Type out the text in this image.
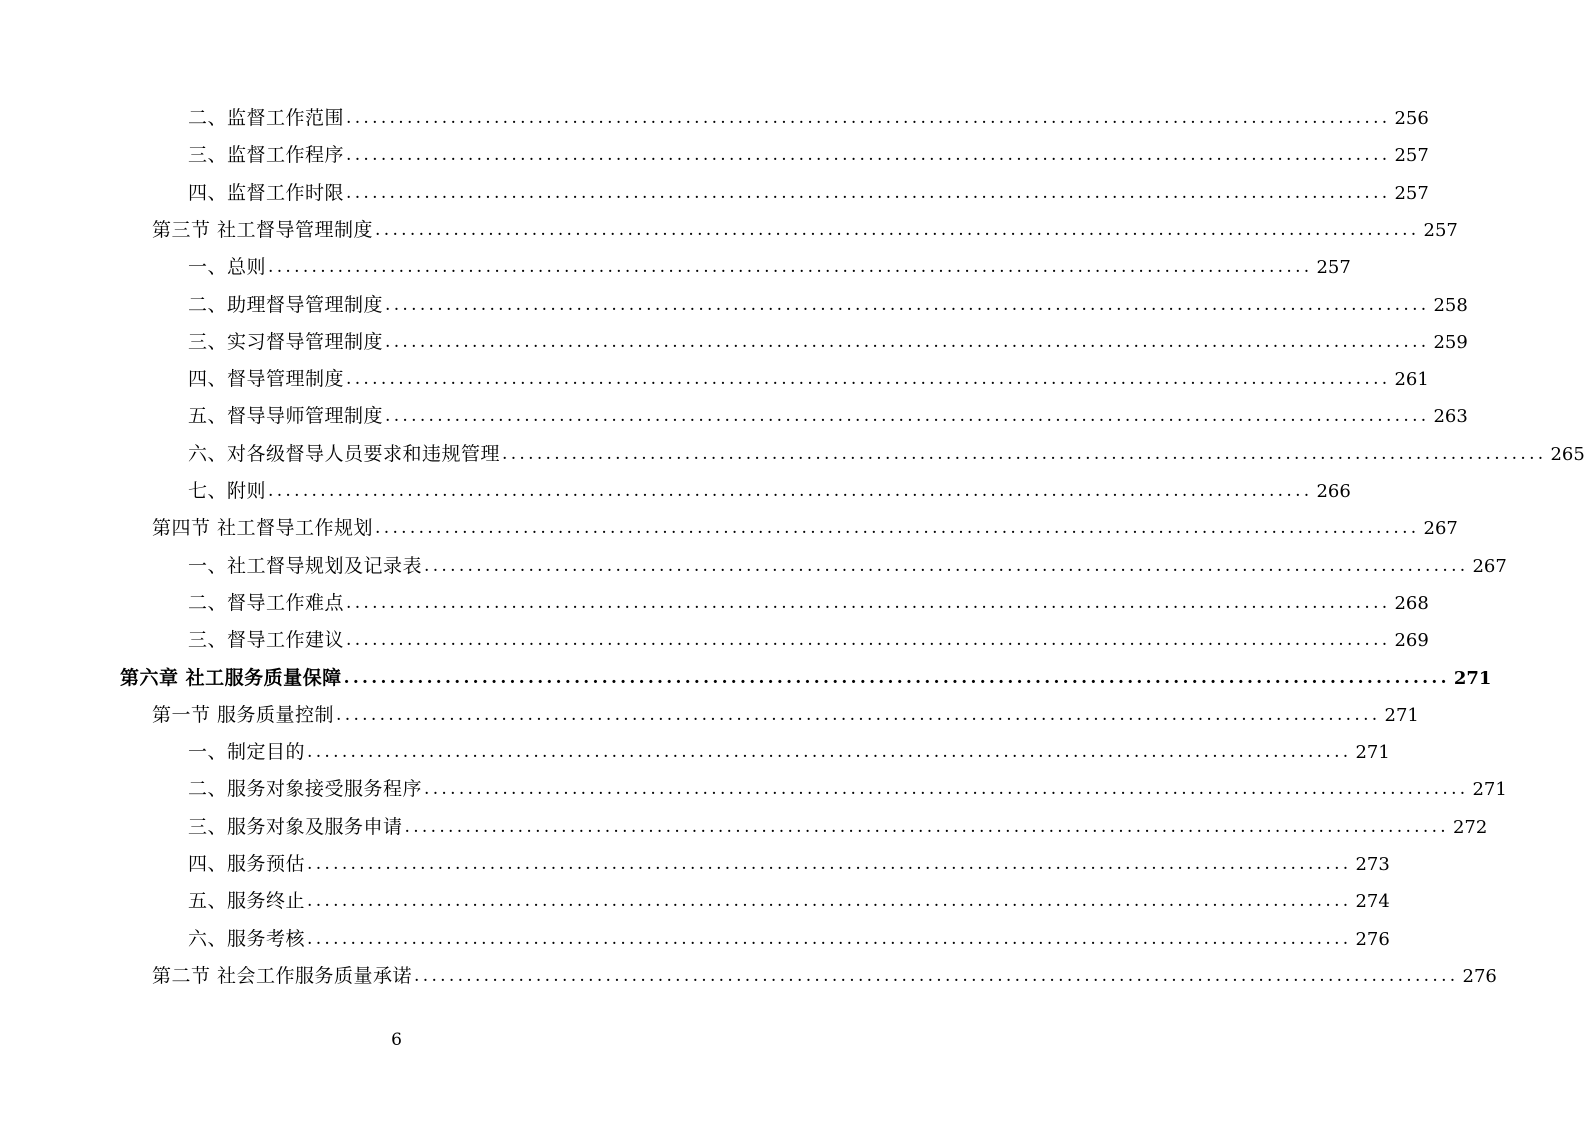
二、监督工作范围 ........................................................................................................................ 256
三、监督工作程序 ........................................................................................................................ 257
四、监督工作时限 ........................................................................................................................ 257
第三节 社工督导管理制度 ........................................................................................................................ 257
一、总则 ........................................................................................................................ 257
二、助理督导管理制度 ........................................................................................................................ 258
三、实习督导管理制度 ........................................................................................................................ 259
四、督导管理制度 ........................................................................................................................ 261
五、督导导师管理制度 ........................................................................................................................ 263
六、对各级督导人员要求和违规管理 ........................................................................................................................ 265
七、附则 ........................................................................................................................ 266
第四节 社工督导工作规划 ........................................................................................................................ 267
一、社工督导规划及记录表 ........................................................................................................................ 267
二、督导工作难点 ........................................................................................................................ 268
三、督导工作建议 ........................................................................................................................ 269
第六章 社工服务质量保障 ........................................................................................................................ 271
第一节 服务质量控制 ........................................................................................................................ 271
一、制定目的 ........................................................................................................................ 271
二、服务对象接受服务程序 ........................................................................................................................ 271
三、服务对象及服务申请 ........................................................................................................................ 272
四、服务预估 ........................................................................................................................ 273
五、服务终止 ........................................................................................................................ 274
六、服务考核 ........................................................................................................................ 276
第二节 社会工作服务质量承诺 ........................................................................................................................ 276
6
